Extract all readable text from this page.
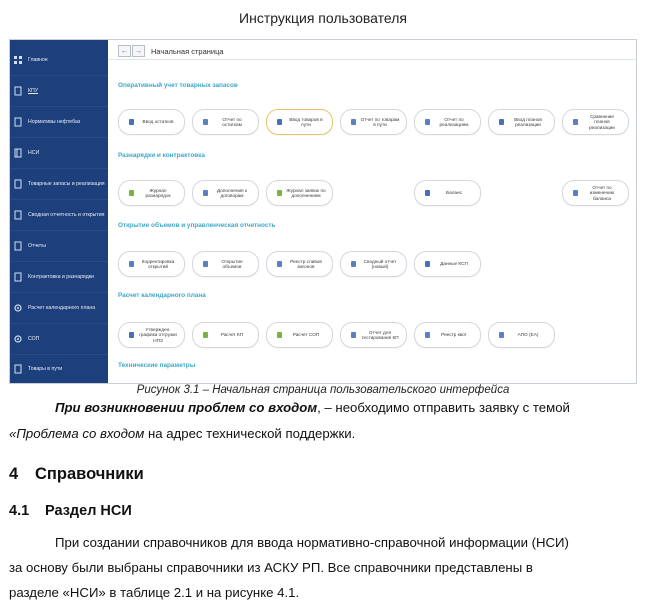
Инструкция пользователя
Главное
КПУ
Нормативы нефтебаз
НСИ
Товарные запасы и реализация
Сводная отчетность и открытия
Отчеты
Контрактовка и разнарядки
Расчет календарного плана
СОП
Товары в пути
←	→	Начальная страница
Оперативный учет товарных запасов
Разнарядки и контрактовка
Открытие объемов и управленческая отчетность
Расчет календарного плана
Технические параметры
Ввод остатков
Отчет по остаткам
Ввод товаров в пути
Отчет по товарам в пути
Отчет по реализациям
Ввод планов реализации
Сравнение планов реализации
Журнал разнарядок
Дополнения к договорам
Журнал заявок по дополнениям
Баланс
Отчет по изменению баланса
Корректировка открытий
Открытие объемов
Реестр сливов вагонов
Сводный отчет (новый)
Данные КСП
Утвержден. графика отгрузки НПЗ
Расчет КП	Расчет СОП
Отчет для тестирования КП
Реестр квот	АПО (ЕА)
Рисунок 3.1 – Начальная страница пользовательского интерфейса
При возникновении проблем со входом, – необходимо отправить заявку с темой
«Проблема со входом на адрес технической поддержки.
4 Справочники
4.1 Раздел НСИ
При создании справочников для ввода нормативно-справочной информации (НСИ)
за основу были выбраны справочники из АСКУ РП. Все справочники представлены в
разделе «НСИ» в таблице 2.1 и на рисунке 4.1.
